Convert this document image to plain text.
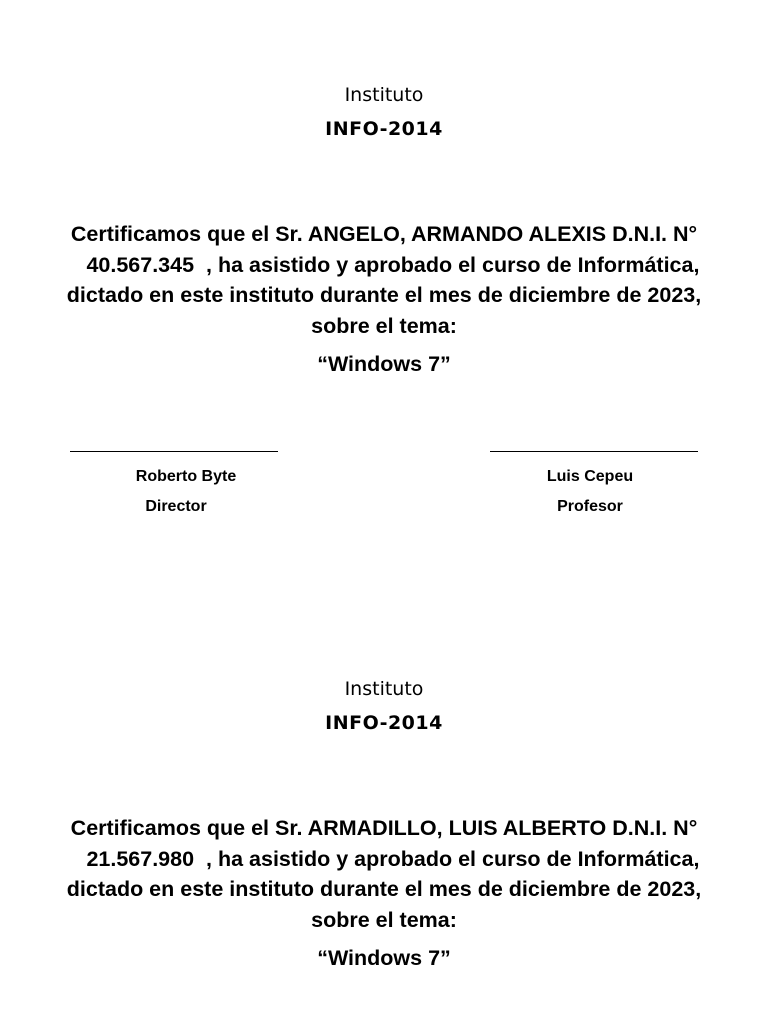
Instituto
INFO-2014
Certificamos que el Sr. ANGELO, ARMANDO ALEXIS D.N.I. N°   40.567.345 , ha asistido y aprobado el curso de Informática, dictado en este instituto durante el mes de diciembre de 2023, sobre el tema:
“Windows 7”
Roberto Byte
Director
Luis Cepeu
Profesor
Instituto
INFO-2014
Certificamos que el Sr. ARMADILLO, LUIS ALBERTO D.N.I. N°   21.567.980 , ha asistido y aprobado el curso de Informática, dictado en este instituto durante el mes de diciembre de 2023, sobre el tema:
“Windows 7”
